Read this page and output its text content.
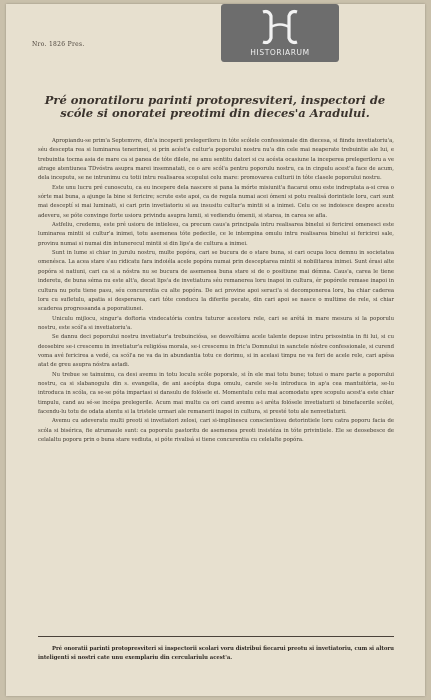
Nro. 1826 Pres.
HISTORIARUM
Pré onoratiloru parinti protopresviteri, inspectori de scóle si onoratei preotimi din dieces'a Aradului.

Apropiandu-se prim'a Septemvre, din'a inceperii prelegeriloru in tóte scólele confessionale din diecesa, si fiindu invetiatoriu'a, séu descepta rea si luminarea tenerimei, si prin acést'a cultur'a poporului nostru nu'a din cele mai neaperate trebuintie ale lui, e trebuintia tocma asia de mare ca si panea de tóte dilele, ne amu sentitu datori si cu acésta ocasiune la inceperea prelegeriloru a ve atrage atentiunea TDvóstra asupra marei insemnatati, ce o are scól'a pentru poporulu nostru, ca in cinpulu acest'a face de acum, dela inceputu, se ne intrunimu cu totii intru realisarea scopului celu mare: promovarea culturii in tóte clasele poporului nostru.

Este unu lucru pré cunoscutu, ca eu incepere dela nascere si pana la mórte misiunit'a fiacarui omu este indreptata a-si crea o sórte mai buna, a ajunge la bine si fericire; scrute este apoi, ca de regula numai acei ómeni si potu realisá dorintiele loru, cari sunt mai desceptí si mai luminati, si cari prin invetiatoriu si au insusitu cultur'a mintii si a inimei. Celu ce se indoiesce despre acestu adeveru, se póte convinge forte usioru privindu asupra lumii, si vediendu ómenii, si starea, in carea se afla.

Astfeliu, credemu, este pré usioru de intielesu, ca precum caus'a principala intru realisarea binelui si fericirei omenesci este luminarea mintii si cultur'a inimei, totu asemenea tóte pedecile, ce le intempina omulu intru realisarea binelui si fericirei sale, provinu numai si numai din intunerecul mintii si din lips'a de cultura a inimei.

Sunt in lume si chiar in jurulu nostru, multe popóra, cari se bucura de o stare buna, si cari ocupa locu demnu in societatea omenésca. La acea stare s'au ridicatu fara indoiéla acele popóra numai prin desceptarea mintii si nobilitarea inimei. Sunt érasi alte popóra si natiuni, cari ca si a nóstra nu se bucura de asemenea buna stare si de o positiune mai démna. Caus'a, carea le tiene inderetu, de buna séma nu este alt'a, decat lips'a de invetiatura séu remanerea loru inapoi in cultura, ér popórele remase inapoi in cultura nu potu tiene pasu, séu concurentia cu alte popóra. De aci provine apoi seraci'a si decomponerea loru, ba chiar caderea loru cu sufletulu, apatia si desperarea, cari tóte conducu la diferite pecate, din cari apoi se nasce o multime de rele, si chiar scaderea progressanda a poporatiunei.

Uniculu mijlocu, singur'a doftoria vindecatória contra tuturor acestoru rele, cari se arétá in mare mesura si la poporulu nostru, este scól'a si invetiatoriu'a.

Se dannu deci poporului nostru invetiatur'a trebuinciósa, se desvoltámu acele talente depuse intru prisosintia in fii lui, si cu deosebire se-i crescemu in invetiatur'a religiósa morala, se-i crescemu in fric'a Domnului in sanctele nóstre confessionale, si curend voma avé fericirea a vedé, ca scól'a ne va da in abundantia totu ce dorimu, si in acelasi timpu ne va feri de acele rele, cari apésa atat de greu asupra nóstra astadi.

Nu trebue se tainuimu, ca desi avemu in totu loculu scóle poporale, si în ele mai totu bune; totusi o mare parte a poporului nostru, ca si slabanogulu din s. evangelia, de ani ascépta dupa omulu, carele se-lu introduca in ap'a cea mantuitória, se-lu introduca in scóla, ca se-se póta impartasi si dansulu de folósele ei. Momentulu celu mai acomodatu spre scopulu acest'a este chiar timpulu, cand au sé-se incépa prelegerile. Acum mai multu ca ori cand avemu a-i aréta folósele invetiaturii si binefacerile scólei, facendu-lu totu de odata atentu si la tristele urmari ale remanerii inapoi in cultura, si presté totu ale nenvetiaturii.

Avemu cu adeveratu multi preoti si invetiatori zelosi, cari si-implinescu conscientiosu detorintiele loru catra poporu facia de scóla si bisérica, fie atrumaule sunt: ca poporulu pastoritu de asemenea preoti insistéza in tóte privintiele. Ele se deosebesce de celalaltu poporu prin o buna stare vediuta, si póte rivalisá si tiene concurentia cu celelalte popóra.

Pré onoratii parinti protopresviteri si inspectorii scolari voru distribui fiecarui preotu si invetiatoriu, cum si altoru inteligenti si nostri cate unu exemplariu din cerculariulu acest'a.
